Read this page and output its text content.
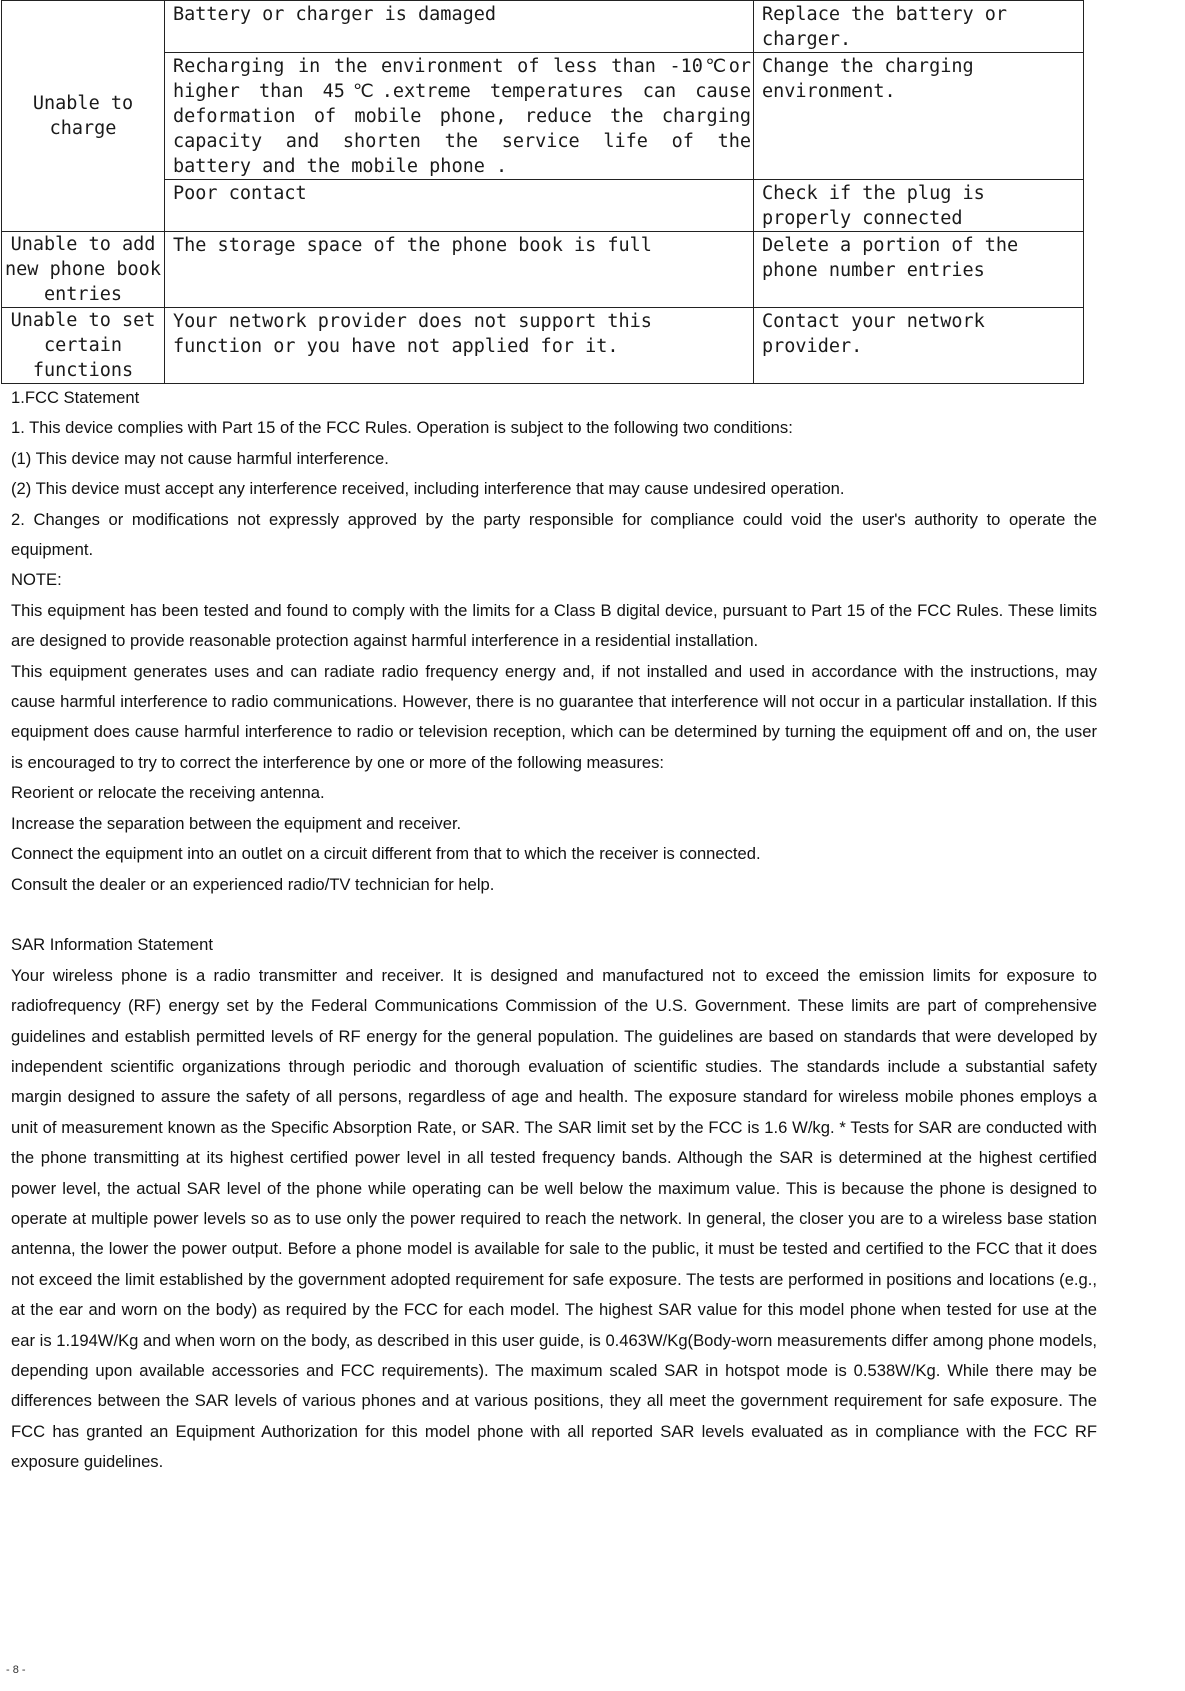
Unable to charge	Battery or charger is damaged	Replace the battery or charger.
	Recharging in the environment of less than -10℃or higher than 45℃.extreme temperatures can cause deformation of mobile phone, reduce the charging capacity and shorten the service life of the battery and the mobile phone .	Change the charging environment.
	Poor contact	Check if the plug is properly connected
Unable to add new phone book entries	The storage space of the phone book is full	Delete a portion of the phone number entries
Unable to set certain functions	Your network provider does not support this function or you have not applied for it.	Contact your network provider.

1.FCC Statement

1. This device complies with Part 15 of the FCC Rules. Operation is subject to the following two conditions:

(1) This device may not cause harmful interference.

(2) This device must accept any interference received, including interference that may cause undesired operation.

2. Changes or modifications not expressly approved by the party responsible for compliance could void the user's authority to operate the equipment.

NOTE:

This equipment has been tested and found to comply with the limits for a Class B digital device, pursuant to Part 15 of the FCC Rules. These limits are designed to provide reasonable protection against harmful interference in a residential installation.

This equipment generates uses and can radiate radio frequency energy and, if not installed and used in accordance with the instructions, may cause harmful interference to radio communications. However, there is no guarantee that interference will not occur in a particular installation. If this equipment does cause harmful interference to radio or television reception, which can be determined by turning the equipment off and on, the user is encouraged to try to correct the interference by one or more of the following measures:

Reorient or relocate the receiving antenna.

Increase the separation between the equipment and receiver.

Connect the equipment into an outlet on a circuit different from that to which the receiver is connected.

Consult the dealer or an experienced radio/TV technician for help.

SAR Information Statement

Your wireless phone is a radio transmitter and receiver. It is designed and manufactured not to exceed the emission limits for exposure to radiofrequency (RF) energy set by the Federal Communications Commission of the U.S. Government. These limits are part of comprehensive guidelines and establish permitted levels of RF energy for the general population. The guidelines are based on standards that were developed by independent scientific organizations through periodic and thorough evaluation of scientific studies. The standards include a substantial safety margin designed to assure the safety of all persons, regardless of age and health. The exposure standard for wireless mobile phones employs a unit of measurement known as the Specific Absorption Rate, or SAR. The SAR limit set by the FCC is 1.6 W/kg. * Tests for SAR are conducted with the phone transmitting at its highest certified power level in all tested frequency bands. Although the SAR is determined at the highest certified power level, the actual SAR level of the phone while operating can be well below the maximum value. This is because the phone is designed to operate at multiple power levels so as to use only the power required to reach the network. In general, the closer you are to a wireless base station antenna, the lower the power output. Before a phone model is available for sale to the public, it must be tested and certified to the FCC that it does not exceed the limit established by the government adopted requirement for safe exposure. The tests are performed in positions and locations (e.g., at the ear and worn on the body) as required by the FCC for each model. The highest SAR value for this model phone when tested for use at the ear is 1.194W/Kg and when worn on the body, as described in this user guide, is 0.463W/Kg(Body-worn measurements differ among phone models, depending upon available accessories and FCC requirements). The maximum scaled SAR in hotspot mode is 0.538W/Kg. While there may be differences between the SAR levels of various phones and at various positions, they all meet the government requirement for safe exposure. The FCC has granted an Equipment Authorization for this model phone with all reported SAR levels evaluated as in compliance with the FCC RF exposure guidelines.

- 8 -
